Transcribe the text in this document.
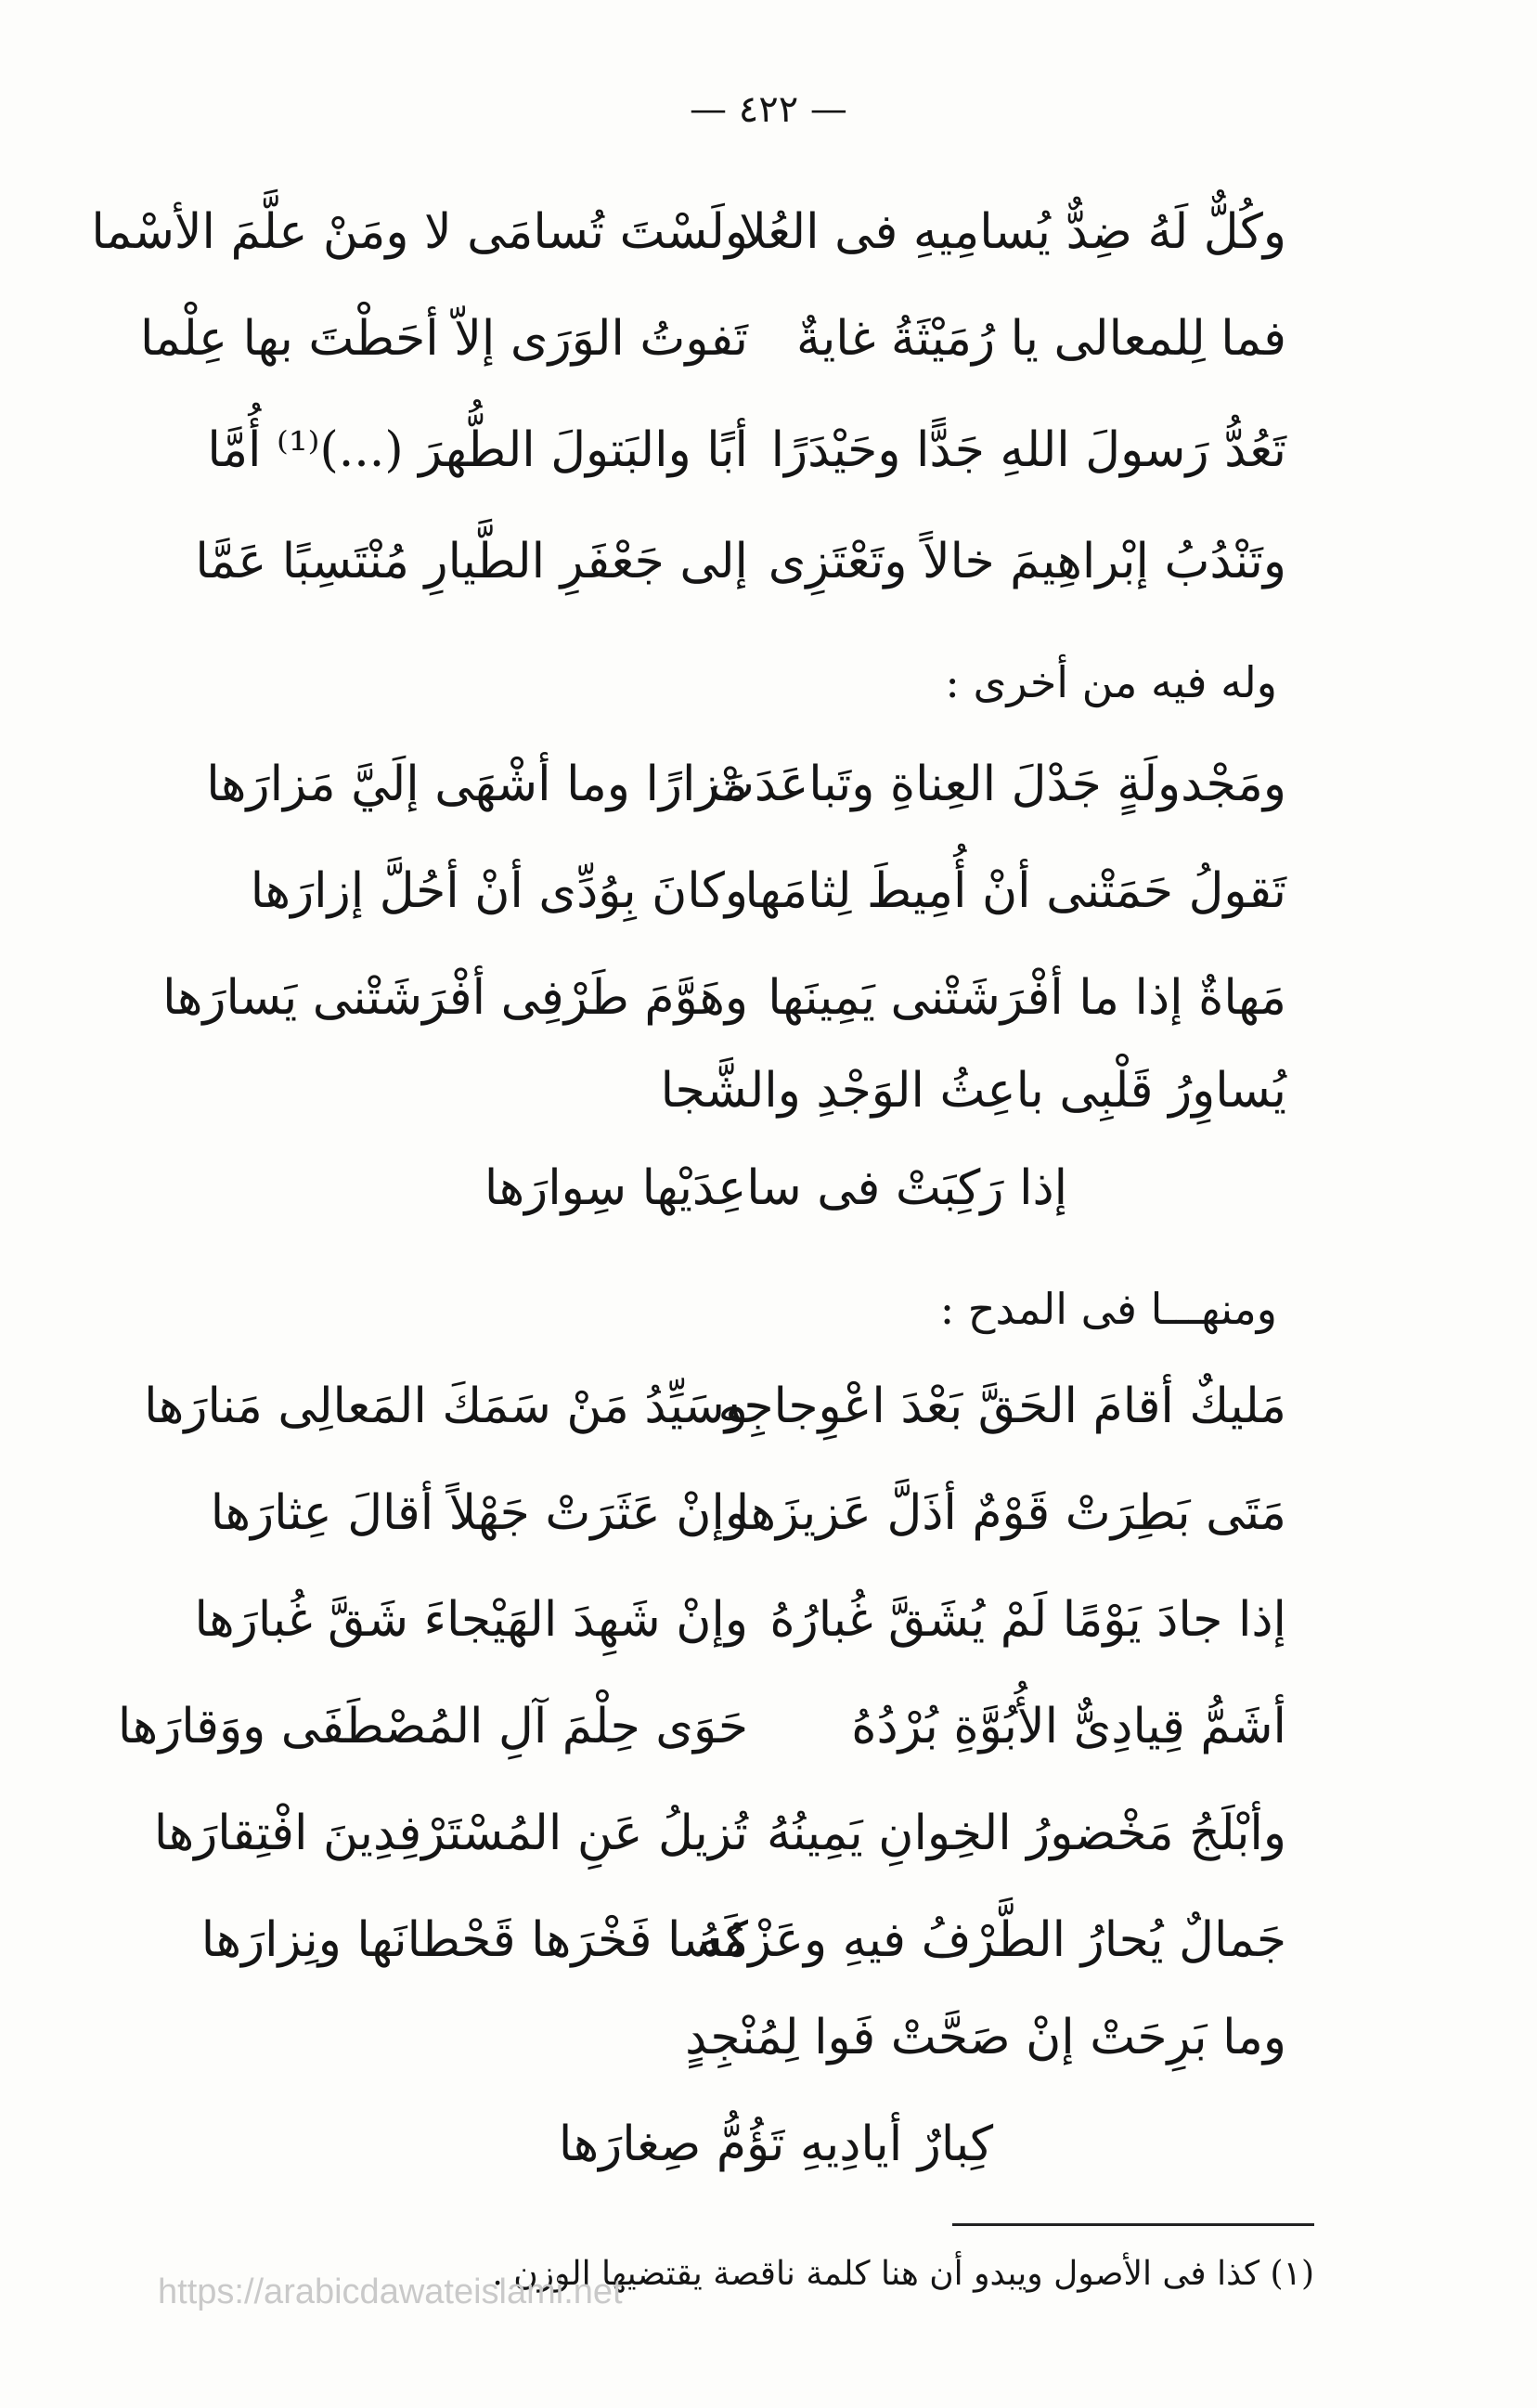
— ٤٢٢ —
وكُلٌّ لَهُ ضِدٌّ يُسامِيهِ فى العُلا
ولَسْتَ تُسامَى لا ومَنْ علَّمَ الأسْما
فما لِلمعالى يا رُمَيْثَةُ غايةٌ
تَفوتُ الوَرَى إلاّ أحَطْتَ بها عِلْما
تَعُدُّ رَسولَ اللهِ جَدًّا وحَيْدَرًا
أبًا والبَتولَ الطُّهرَ (...)⁽¹⁾ أُمَّا
وتَنْدُبُ إبْراهِيمَ خالاً وتَعْتَزِى
إلى جَعْفَرِ الطَّيارِ مُنْتَسِبًا عَمَّا
وله فيه من أخرى :
ومَجْدولَةٍ جَدْلَ العِناةِ وتَباعَدَتْ
مَزارًا وما أشْهَى إلَيَّ مَزارَها
تَقولُ حَمَتْنى أنْ أُمِيطَ لِثامَها
وكانَ بِوُدِّى أنْ أحُلَّ إزارَها
مَهاةٌ إذا ما أفْرَشَتْنى يَمِينَها
وهَوَّمَ طَرْفِى أفْرَشَتْنى يَسارَها
يُساوِرُ قَلْبِى باعِثُ الوَجْدِ والشَّجا
إذا رَكِبَتْ فى ساعِدَيْها سِوارَها
ومنهـــا فى المدح :
مَليكٌ أقامَ الحَقَّ بَعْدَ اعْوِجاجِهِ
وسَيِّدُ مَنْ سَمَكَ المَعالِى مَنارَها
مَتَى بَطِرَتْ قَوْمٌ أذَلَّ عَزيزَها
وإنْ عَثَرَتْ جَهْلاً أقالَ عِثارَها
إذا جادَ يَوْمًا لَمْ يُشَقَّ غُبارُهُ
وإنْ شَهِدَ الهَيْجاءَ شَقَّ غُبارَها
أشَمُّ قِيادِىٌّ الأُبُوَّةِ بُرْدُهُ
حَوَى حِلْمَ آلِ المُصْطَفَى ووَقارَها
وأبْلَجُ مَخْضورُ الخِوانِ يَمِينُهُ
تُزيلُ عَنِ المُسْتَرْفِدِينَ افْتِقارَها
جَمالٌ يُحارُ الطَّرْفُ فيهِ وعَزْمُهُ
كَسا فَخْرَها قَحْطانَها ونِزارَها
وما بَرِحَتْ إنْ صَحَّتْ فَوا لِمُنْجِدٍ
كِبارٌ أيادِيهِ تَؤُمُّ صِغارَها
(١) كذا فى الأصول ويبدو أن هنا كلمة ناقصة يقتضيها الوزن .
https://arabicdawateislami.net
